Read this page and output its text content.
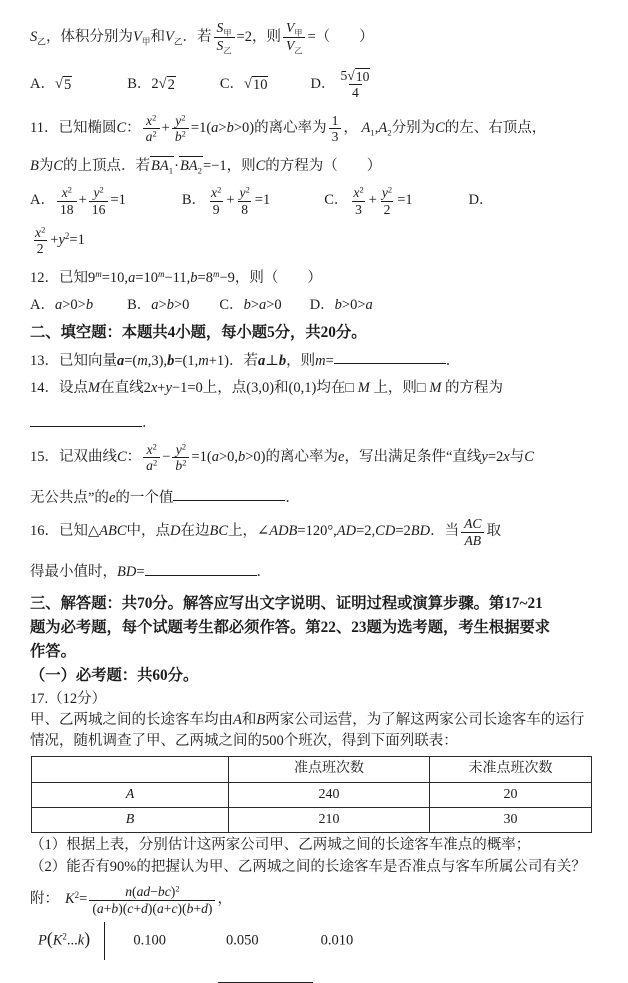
$S_乙$，体积分别为$V_甲$和$V_乙$．若 $\frac{S_甲}{S_乙} =2$，则 $\frac{V_甲}{V_乙}$ =（　　）
A． √ 5	B．2 √ 2	C． √ 10	D． $\frac{5 √ 10}{4}$
11．已知椭圆C： $\frac{x^2}{a^2} + \frac{y^2}{b^2} =1(a>b>0)$的离心率为 $\frac{1}{3}$ ， $A_1,A_2$分别为C的左、右顶点，
B为C的上顶点．若$BA_1\cdot BA_2=-1$，则C的方程为（　　）
A． $\frac{x^2}{18} + \frac{y^2}{16} =1$	B． $\frac{x^2}{9} + \frac{y^2}{8} =1$	C． $\frac{x^2}{3} + \frac{y^2}{2} =1$	D．
$\frac{x^2}{2} +y^2=1$
12．已知$9^m=10,a=10^m-11,b=8^m-9$，则（　　）
A．a>0>b B．a>b>0 C．b>a>0 D．b>0>a
二、填空题：本题共4小题，每小题5分，共20分。
13．已知向量a=(m,3),b=(1,m+1)．若a⊥b，则m=	．
14．设点M在直线2x+y−1=0上，点(3,0)和(0,1)均在□ M 上，则□ M 的方程为
．
15．记双曲线C： $\frac{x^2}{a^2} - \frac{y^2}{b^2} =1(a>0,b>0)$的离心率为e，写出满足条件“直线y=2x与C
无公共点”的e的一个值	．
16．已知△ABC中，点D在边BC上，∠ADB=120°,AD=2,CD=2BD．当 $\frac{AC}{AB}$ 取
得最小值时，BD=	．
三、解答题：共70分。解答应写出文字说明、证明过程或演算步骤。第17~21
题为必考题，每个试题考生都必须作答。第22、23题为选考题，考生根据要求
作答。
（一）必考题：共60分。
17.（12分）
甲、乙两城之间的长途客车均由A和B两家公司运营，为了解这两家公司长途客车的运行
情况，随机调查了甲、乙两城之间的500个班次，得到下面列联表：
	准点班次数	未准点班次数
A	240	20
B	210	30
（1）根据上表，分别估计这两家公司甲、乙两城之间的长途客车准点的概率；
（2）能否有90%的把握认为甲、乙两城之间的长途客车是否准点与客车所属公司有关？
附： $K^2= \frac{n(ad-bc)^2}{(a+b)(c+d)(a+c)(b+d)}$ ，
$P(K^2...k)$	0.100	0.050	0.010
